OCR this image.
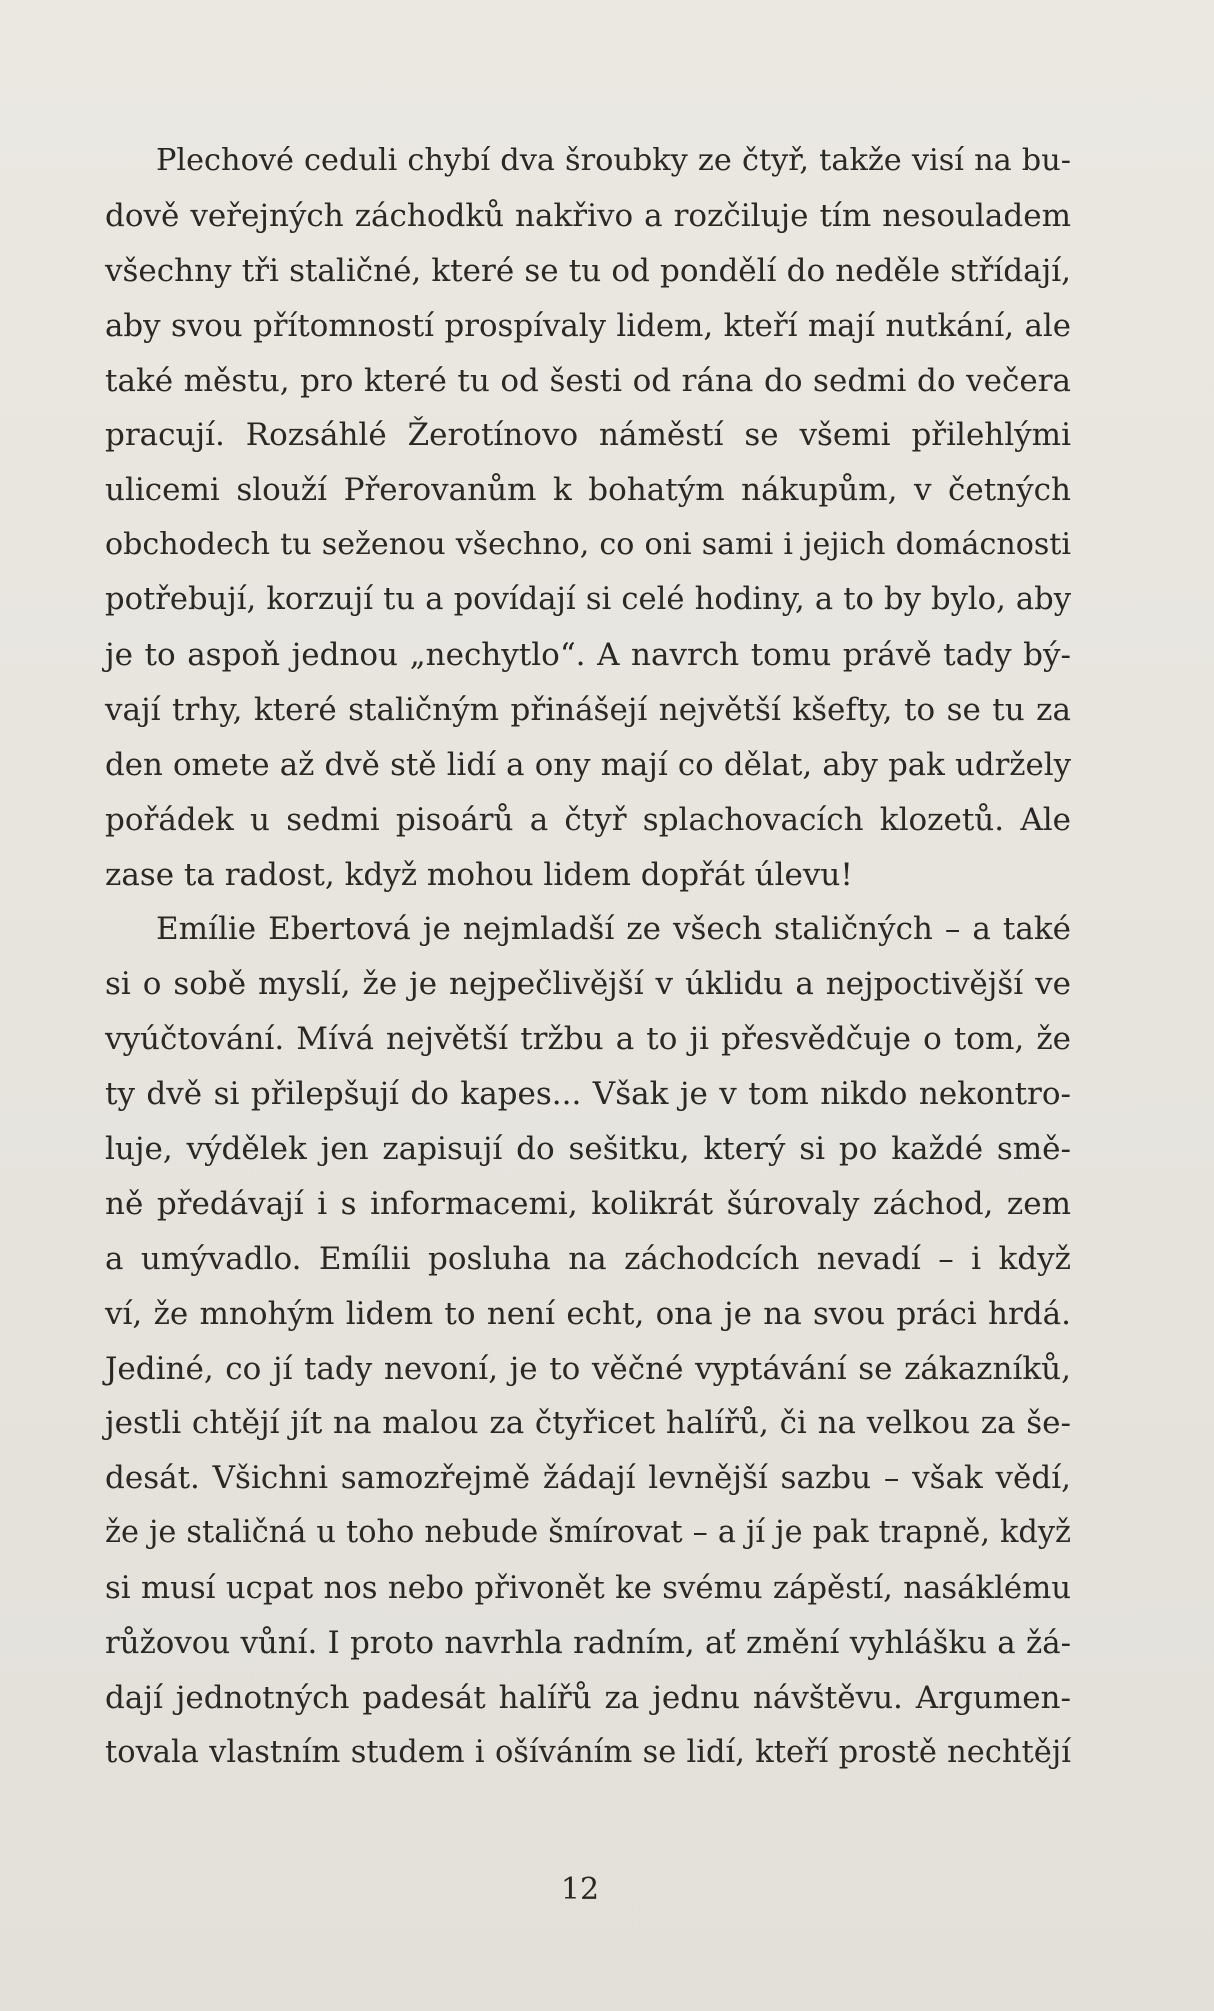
Plechové ceduli chybí dva šroubky ze čtyř, takže visí na bu-
dově veřejných záchodků nakřivo a rozčiluje tím nesouladem
všechny tři staličné, které se tu od pondělí do neděle střídají,
aby svou přítomností prospívaly lidem, kteří mají nutkání, ale
také městu, pro které tu od šesti od rána do sedmi do večera
pracují. Rozsáhlé Žerotínovo náměstí se všemi přilehlými
ulicemi slouží Přerovanům k bohatým nákupům, v četných
obchodech tu seženou všechno, co oni sami i jejich domácnosti
potřebují, korzují tu a povídají si celé hodiny, a to by bylo, aby
je to aspoň jednou „nechytlo“. A navrch tomu právě tady bý-
vají trhy, které staličným přinášejí největší kšefty, to se tu za
den omete až dvě stě lidí a ony mají co dělat, aby pak udržely
pořádek u sedmi pisoárů a čtyř splachovacích klozetů. Ale
zase ta radost, když mohou lidem dopřát úlevu!
Emílie Ebertová je nejmladší ze všech staličných – a také
si o sobě myslí, že je nejpečlivější v úklidu a nejpoctivější ve
vyúčtování. Mívá největší tržbu a to ji přesvědčuje o tom, že
ty dvě si přilepšují do kapes... Však je v tom nikdo nekontro-
luje, výdělek jen zapisují do sešitku, který si po každé smě-
ně předávají i s informacemi, kolikrát šúrovaly záchod, zem
a umývadlo. Emílii posluha na záchodcích nevadí – i když
ví, že mnohým lidem to není echt, ona je na svou práci hrdá.
Jediné, co jí tady nevoní, je to věčné vyptávání se zákazníků,
jestli chtějí jít na malou za čtyřicet halířů, či na velkou za še-
desát. Všichni samozřejmě žádají levnější sazbu – však vědí,
že je staličná u toho nebude šmírovat – a jí je pak trapně, když
si musí ucpat nos nebo přivonět ke svému zápěstí, nasáklému
růžovou vůní. I proto navrhla radním, ať změní vyhlášku a žá-
dají jednotných padesát halířů za jednu návštěvu. Argumen-
tovala vlastním studem i ošíváním se lidí, kteří prostě nechtějí
12
